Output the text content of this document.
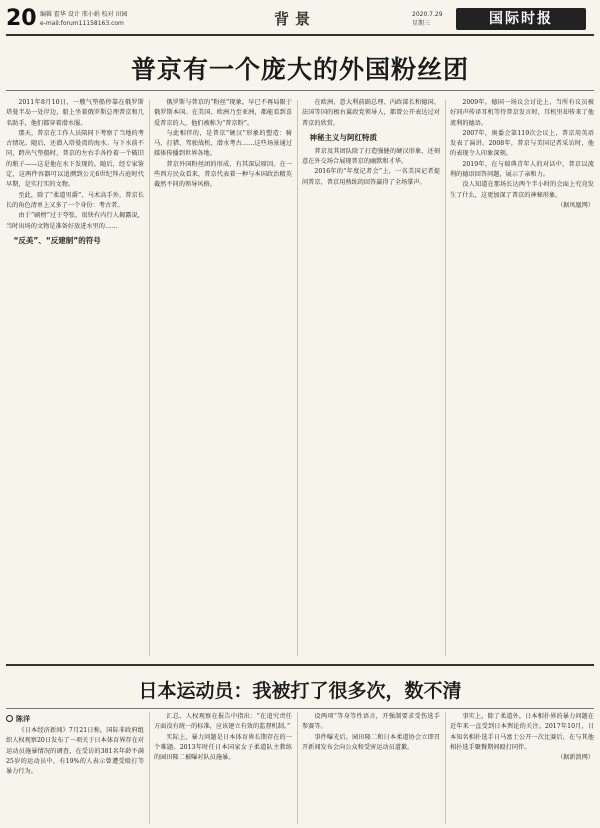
20 编辑 霍华 设计 邢小娟 校对 田园
e-mail:forum11158163.com	背景	2020.7.29
星期三	国际时报
普京有一个庞大的外国粉丝团

2011年8月10日，一艘气垫船停靠在俄罗斯塔曼半岛一处岸边，船上坐着俄罗斯总理普京和几名助手，他们都穿着潜水服。

那天，普京在工作人员陪同下考察了当地的考古情况。随后，还潜入塔曼湾的海水。与下水前不同，跨出气垫船时，普京的左右手各拎着一个破旧的瓶子——这是他在水下发现的。随后，经专家鉴定，这两件容器可以追溯到公元6世纪拜占庭时代早期，是实打实的文物。

至此，除了“柔道男爵”、马术高手外，普京长长的角色清单上又多了一个身份：考古者。

由于“刷榜”过于夸张，很快有内行人揭露说，当时出场的文物是准备好放进水里的……

“反美”、“反建制”的符号

俄罗斯与普京的“粉丝”现象，早已不再局限于俄罗斯本国。在美国、欧洲乃至亚洲，都能看到喜爱普京的人，他们被称为“普京粉”。

与此相伴的，是普京“硬汉”形象的塑造：骑马、打猎、驾驶战机、潜水考古……这些场景通过媒体传播到世界各地。

普京外国粉丝团的形成，有其深层原因。在一些西方民众看来，普京代表着一种与本国政治精英截然不同的领导风格。

在欧洲，意大利前副总理、内政部长和德国、法国等国的极右翼政党领导人，都曾公开表达过对普京的欣赏。

神秘主义与阿红特质

普京及其团队除了打造强健的硬汉形象，还刻意在外交场合展现普京的幽默和才华。

2016年的“年度记者会”上，一名美国记者提问普京，普京用熟练的回答赢得了全场掌声。

2009年，德国一场议会讨论上，当所有议员被好同声传译耳机等待普京发言时，耳机里却传来了他流利的德语。

2007年，奥委会第119次会议上，普京用英语发表了演讲。2008年，普京与美国记者采访时，他的表现令人印象深刻。

2019年，在与瑞典青年人的对话中，普京以流利的德语回答问题，展示了亲和力。

没人知道在那场长达两个半小时的会面上究竟发生了什么，这更加深了普京的神秘形象。

（据凤凰网）
日本运动员：我被打了很多次，数不清
陈洋

《日本经济新闻》7月21日称，国际非政府组织人权观察20日发布了一项关于日本体育界存在对运动员施暴情况的调查，在受访的381名年龄不满25岁的运动员中，有19%的人表示曾遭受殴打等暴力行为。

汇总。人权观察在报告中指出：“在追究责任方面没有统一的标准，应该建立有效的监督机制。”

实际上，暴力问题是日本体育界长期存在的一个难题。2013年时任日本国家女子柔道队主教练的园田隆二被曝对队员施暴。

设两项“等身等性语言，开强制要求受伤选手参赛等。

事件曝光后，园田隆二和日本柔道协会立即召开新闻发布会向公众和受害运动员道歉。

事实上，除了柔道外，日本相扑界的暴力问题在近年来一直受到日本舆论的关注。2017年10月，日本知名相扑选手日马富士公开一次比赛后，在与其他相扑选手聚餐期间殴打同伴。

（据新浪网）
